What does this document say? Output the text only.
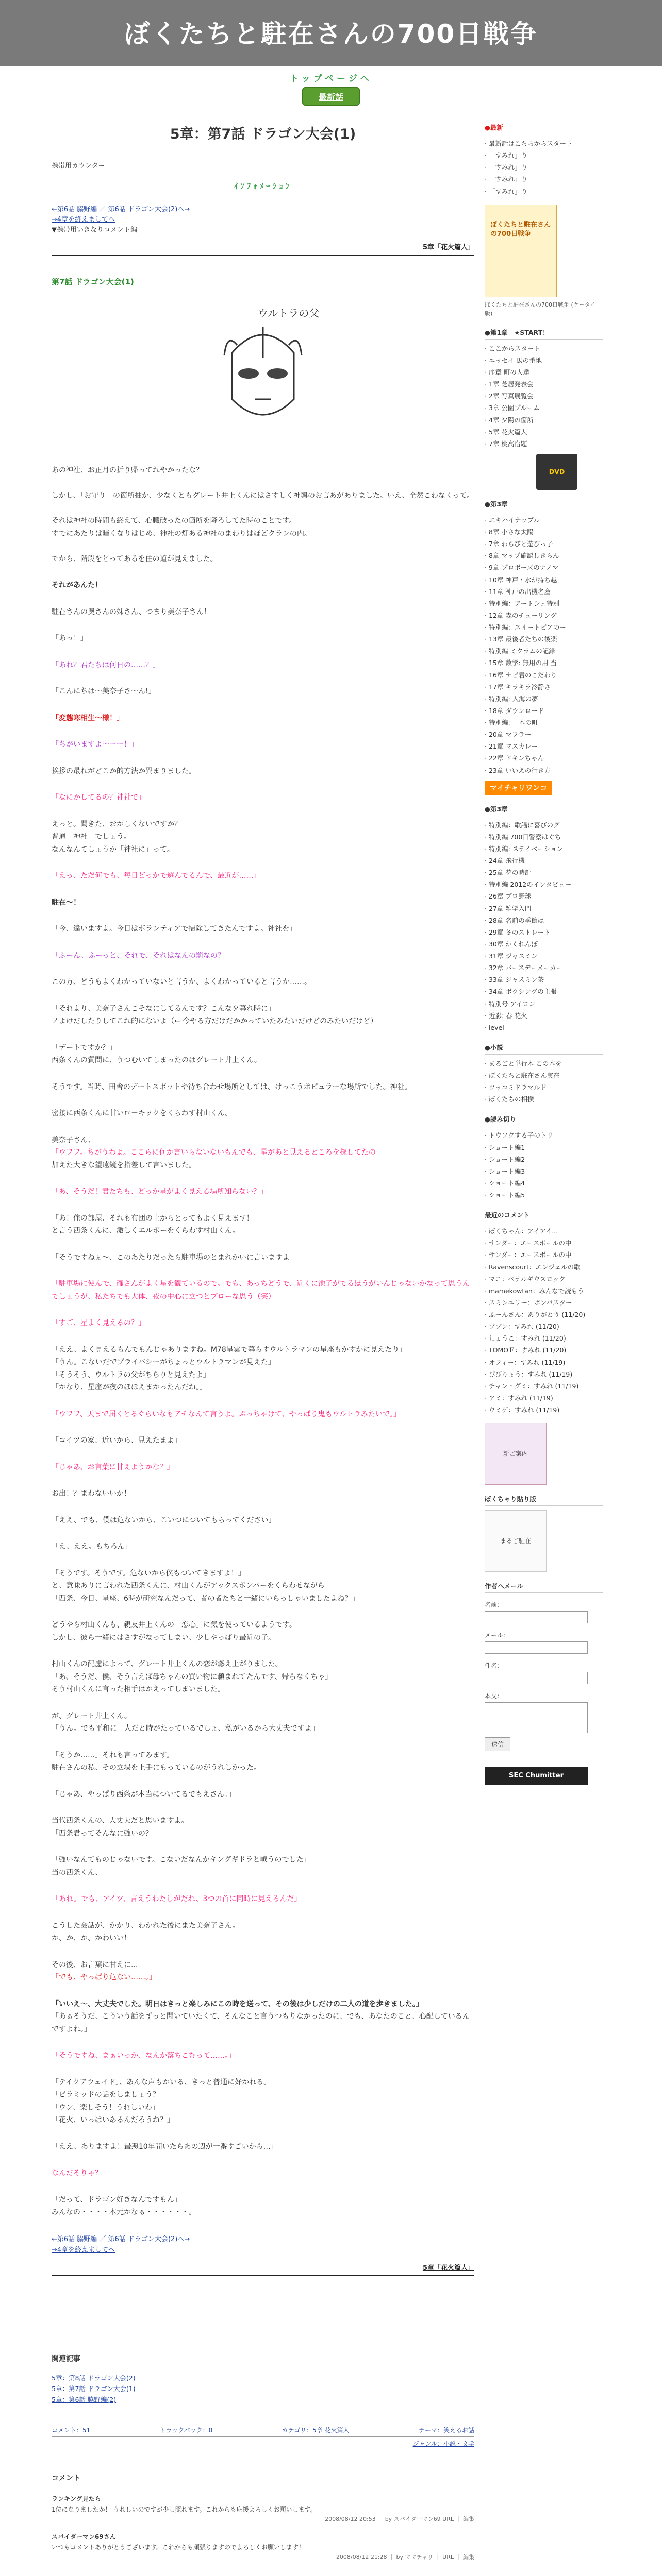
ぼくたちと駐在さんの700日戦争
トップページへ
最新話
5章：第7話 ドラゴン大会(1)
携帯用カウンター
ｲﾝﾌｫﾒｰｼｮﾝ
←第6話 脇野編 ／ 第6話 ドラゴン大会(2)へ→
→4章を終えましてへ
▼携帯用いきなりコメント編
5章「花火篇人」
第7話 ドラゴン大会(1)
ウルトラの父

あの神社、お正月の折り帰ってれやかったな？

しかし、「お守り」の箇所抽か、少なくともグレート井上くんにはさすしく神輿のお言あがありました。いえ、全然こわなくって。

それは神社の時間も終えて、心臓破ったの箇所を降ろしてた時のことです。
すでにあたりは暗くなりはじめ、神社の灯ある神社のまわりはほどクランの内。

でから、階段をとってあるを住の道が見えました。

それがあんた！

駐在さんの奥さんの妹さん、つまり美奈子さん！

「あっ！」

「あれ？君たちは何日の……？」

「こんにちは〜美奈子さ〜ん!」

「変態寒相生〜様！」

「ちがいますよ〜ーー！」

挨拶の最れがどこか的方法か異まりました。

「なにかしてるの？神社で」

えっと。聞きた、おかしくないですか？
普通「神社」でしょう。
なんなんてしょうか「神社に」って。

「えっ、ただ何でも、毎日どっかで遊んでるんで、最近が……」

駐在〜！

「今、違いますよ。今日はボランティアで掃除してきたんですよ。神社を」

「ふーん、ふーっと、それで、それはなんの罰なの？」

この方、どうもよくわかっていないと言うか、よくわかっていると言うか……。

「それより、美奈子さんこそなにしてるんです？こんな夕暮れ時に」
ノよけだしたりしてこれ的にないよ（← 今やる方だけだかかっていたみたいだけどのみたいだけど）

「デートですか？」
西条くんの質問に、うつむいてしまったのはグレート井上くん。

そうです。当時、田舎のデートスポットや待ち合わせ場所としては、けっこうポピュラーな場所でした。神社。

密接に西条くんに甘いロ－キックをくらわす村山くん。

美奈子さん、
「ウフフ。ちがうわよ。ここらに何か言いらないないもんでも、星があと見えるところを探してたの」
加えた大きな望遠鏡を指差して言いました。

「あ、そうだ！君たちも、どっか星がよく見える場所知らない？」

「あ！俺の部屋、それも布団の上からとってもよく見えます！」
と言う西条くんに、激しくエルボーをくらわす村山くん。

「そうですねぇ〜、このあたりだったら駐車場のとまれかいに言いますよ」

「駐車場に使んで、確さんがよく星を観ているので。でも、あっちどうで、近くに池子がでるほうがいんじゃないかなって思うんでしょうが、私たちでも大体、夜の中心に立つとブローな思う（笑）

「すご、星よく見えるの？」

「ええ、よく見えるもんでもんじゃありますね。M78星雲で暮らすウルトラマンの星座もかすかに見えたり」
「うん。こないだでプライバシーがちょっとウルトラマンが見えた」
「そうそう、ウルトラの父がちらりと見えたよ」
「かなり、星座が夜のほほえまかったんだね。」

「ウフフ、天まで届くとるぐらいなもアチなんて言うよ。ぶっちゃけて、やっぱり鬼もウルトラみたいで。」

「コイツの家、近いから、見えたまよ」

「じゃあ、お言葉に甘えようかな？」

お出！？まわないいか！

「ええ、でも、僕は危ないから、こいつについてもらってください」

「え、ええ。もちろん」

「そうです。そうです。危ないから僕もついてきますよ！」
と、意味ありに言われた西条くんに、村山くんがアックスボンバーをくらわせながら
「西条、今日、星座、6時が研究なんだって、者の者たちと一緒にいらっしゃいましたよね？」

どうやら村山くんも、親友井上くんの「恋心」に気を使っているようです。
しかし、彼ら一緒にはさすがなってしまい、少しやっぱり最近の子。

村山くんの配慮によって、グレート井上くんの恋が燃え上がりました。
「あ、そうだ、僕、そう言えば母ちゃんの買い物に頼まれてたんです、帰らなくちゃ」
そう村山くんに言った相手はかえってしまいました。

が、グレート井上くん。
「うん。でも平和に一人だと時がたっているでしょ、私がいるから大丈夫ですよ」

「そうか……」それも言ってみます。
駐在さんの私、その立場を上手にもっているのがうれしかった。

「じゃあ、やっぱり西条が本当についてるでもえさん。」

当代西条くんの、大丈夫だと思いますよ。
「西条君ってそんなに強いの？」

「強いなんてものじゃないです。こないだなんかキングギドラと戦うのでした」
当の西条くん、

「あれ。でも、アイツ、言えうわたしがだれ、3つの首に同時に見えるんだ」

こうした会話が、かかり、わかれた後にまた美奈子さん。
か、か、か、かわいい！

その後、お言葉に甘えに...
「でも、やっぱり危ない……。」

「いいえ〜、大丈夫でした。明日はきっと楽しみにこの時を送って、その後は少しだけの二人の道を歩きました。」
「あぁそうだ、こういう話をずっと聞いていたくて、そんなこと言うつもりなかったのに、でも、あなたのこと、心配しているんですよね。」

「そうですね、まぁいっか、なんか落ちこむって……。」

「テイクアウェイド」、あんな声もかいる、きっと普通に好かれる。
「ピラミッドの話をしましょう？」
「ウン、楽しそう！うれしいわ」
「花火、いっぱいあるんだろうね？」

「ええ、ありますよ！最悪10年間いたらあの辺が一番すごいから…」

なんだそりゃ？

「だって、ドラゴン好きなんですもん」
みんなの・・・・本元かなぁ・・・・・・。

←第6話 脇野編 ／ 第6話 ドラゴン大会(2)へ→
→4章を終えましてへ
5章「花火篇人」
関連記事
5章：第8話 ドラゴン大会(2)
5章：第7話 ドラゴン大会(1)
5章：第6話 脇野編(2)
コメント：51	トラックバック：0	カテゴリ：5章 花火篇人	テーマ：笑えるお話
ジャンル：小説・文学
コメント
ランキング見たら
1位になりましたか！ うれしいのですが少し照れます。これからも応援よろしくお願いします。
2008/08/12 20:53 ｜ by スパイダーマン69 URL ｜ 編集
スパイダーマン69さん
いつもコメントありがとうございます。これからも頑張りますのでよろしくお願いします！
2008/08/12 21:28 ｜ by ママチャリ ｜ URL ｜ 編集
●最新
· 最新話はこちらからスタート
· 「すみれ」り
· 「すみれ」り
· 「すみれ」り
· 「すみれ」り
ぼくたちと駐在さんの700日戦争
ぼくたちと駐在さんの700日戦争 (ケータイ版)
●第1章　★START！
· ここからスタート
· エッセイ 馬の番地
· 序章 町の人達
· 1章 芝居発表会
· 2章 写真展覧会
· 3章 公園プルーム
· 4章 夕陽の箇所
· 5章 花火篇人
· 7章 桃高宿題
DVD
●第3章
· エキハイナップル
· 8章 小さな太陽
· 7章 わらびと遊びっ子
· 8章 マップ確認しきらん
· 9章 プロボーズのナノマ
· 10章 神戸・水が持ち越
· 11章 神戸の出機名産
· 特別編：アートシェ特別
· 12章 森のチューリング
· 特別編：スイートピアのー
· 13章 最後者たちの後楽
· 特別編 ミクラムの記録
· 15章 数学: 無用の用 当
· 16章 ナビ君のこだわり
· 17章 キラキラ冷静さ
· 特別編: 入海の夢
· 18章 ダウンロード
· 特別編: 一本の町
· 20章 マフラー
· 21章 マスカレー
· 22章 ドキンちゃん
· 23章 いいえの行き方
マイチャリワンコ
●第3章
· 特別編：歌謡に喜びのグ
· 特別編 700日警察はぐち
· 特別編: ステイベーション
· 24章 飛行機
· 25章 花の時計
· 特別編 2012のインタビュー
· 26章 プロ野球
· 27章 雑学入門
· 28章 名前の季節は
· 29章 冬のストレート
· 30章 かくれんぼ
· 31章 ジャスミン
· 32章 バースデーメーカー
· 33章 ジャスミン茶
· 34章 ボクシングの主張
· 特別号 アイロン
· 近影: 春 花火
· level
●小説
· まるごと単行本 この本を
· ぼくたちと駐在さん実在
· ツッコミドラマルド
· ぼくたちの相撲
●読み切り
· トウソクする子のトリ
· ショート編1
· ショート編2
· ショート編3
· ショート編4
· ショート編5
最近のコメント
· ぼくちゃん：アイアイ...
· サンダー：エースボールの中
· サンダー：エースボールの中
· Ravenscourt：エンジェルの歌
· マニ：ベテルギウスロック
· mamekowtan：みんなで読もう
· スミンエリー：ボンバスター
· ふーんさん：ありがとう (11/20)
· ブブン：すみれ (11/20)
· しょうこ：すみれ (11/20)
· TOMOＦ：すみれ (11/20)
· オフィー：すみれ (11/19)
· ぴびりょう：すみれ (11/19)
· チャン・グミ：すみれ (11/19)
· アミ：すみれ (11/19)
· ウミゲ：すみれ (11/19)
新ご案内
ぼくちゃり貼り版
まるご駐在
作者へメール
名前:
メール:
件名:
本文:
送信
SEC Chumitter
